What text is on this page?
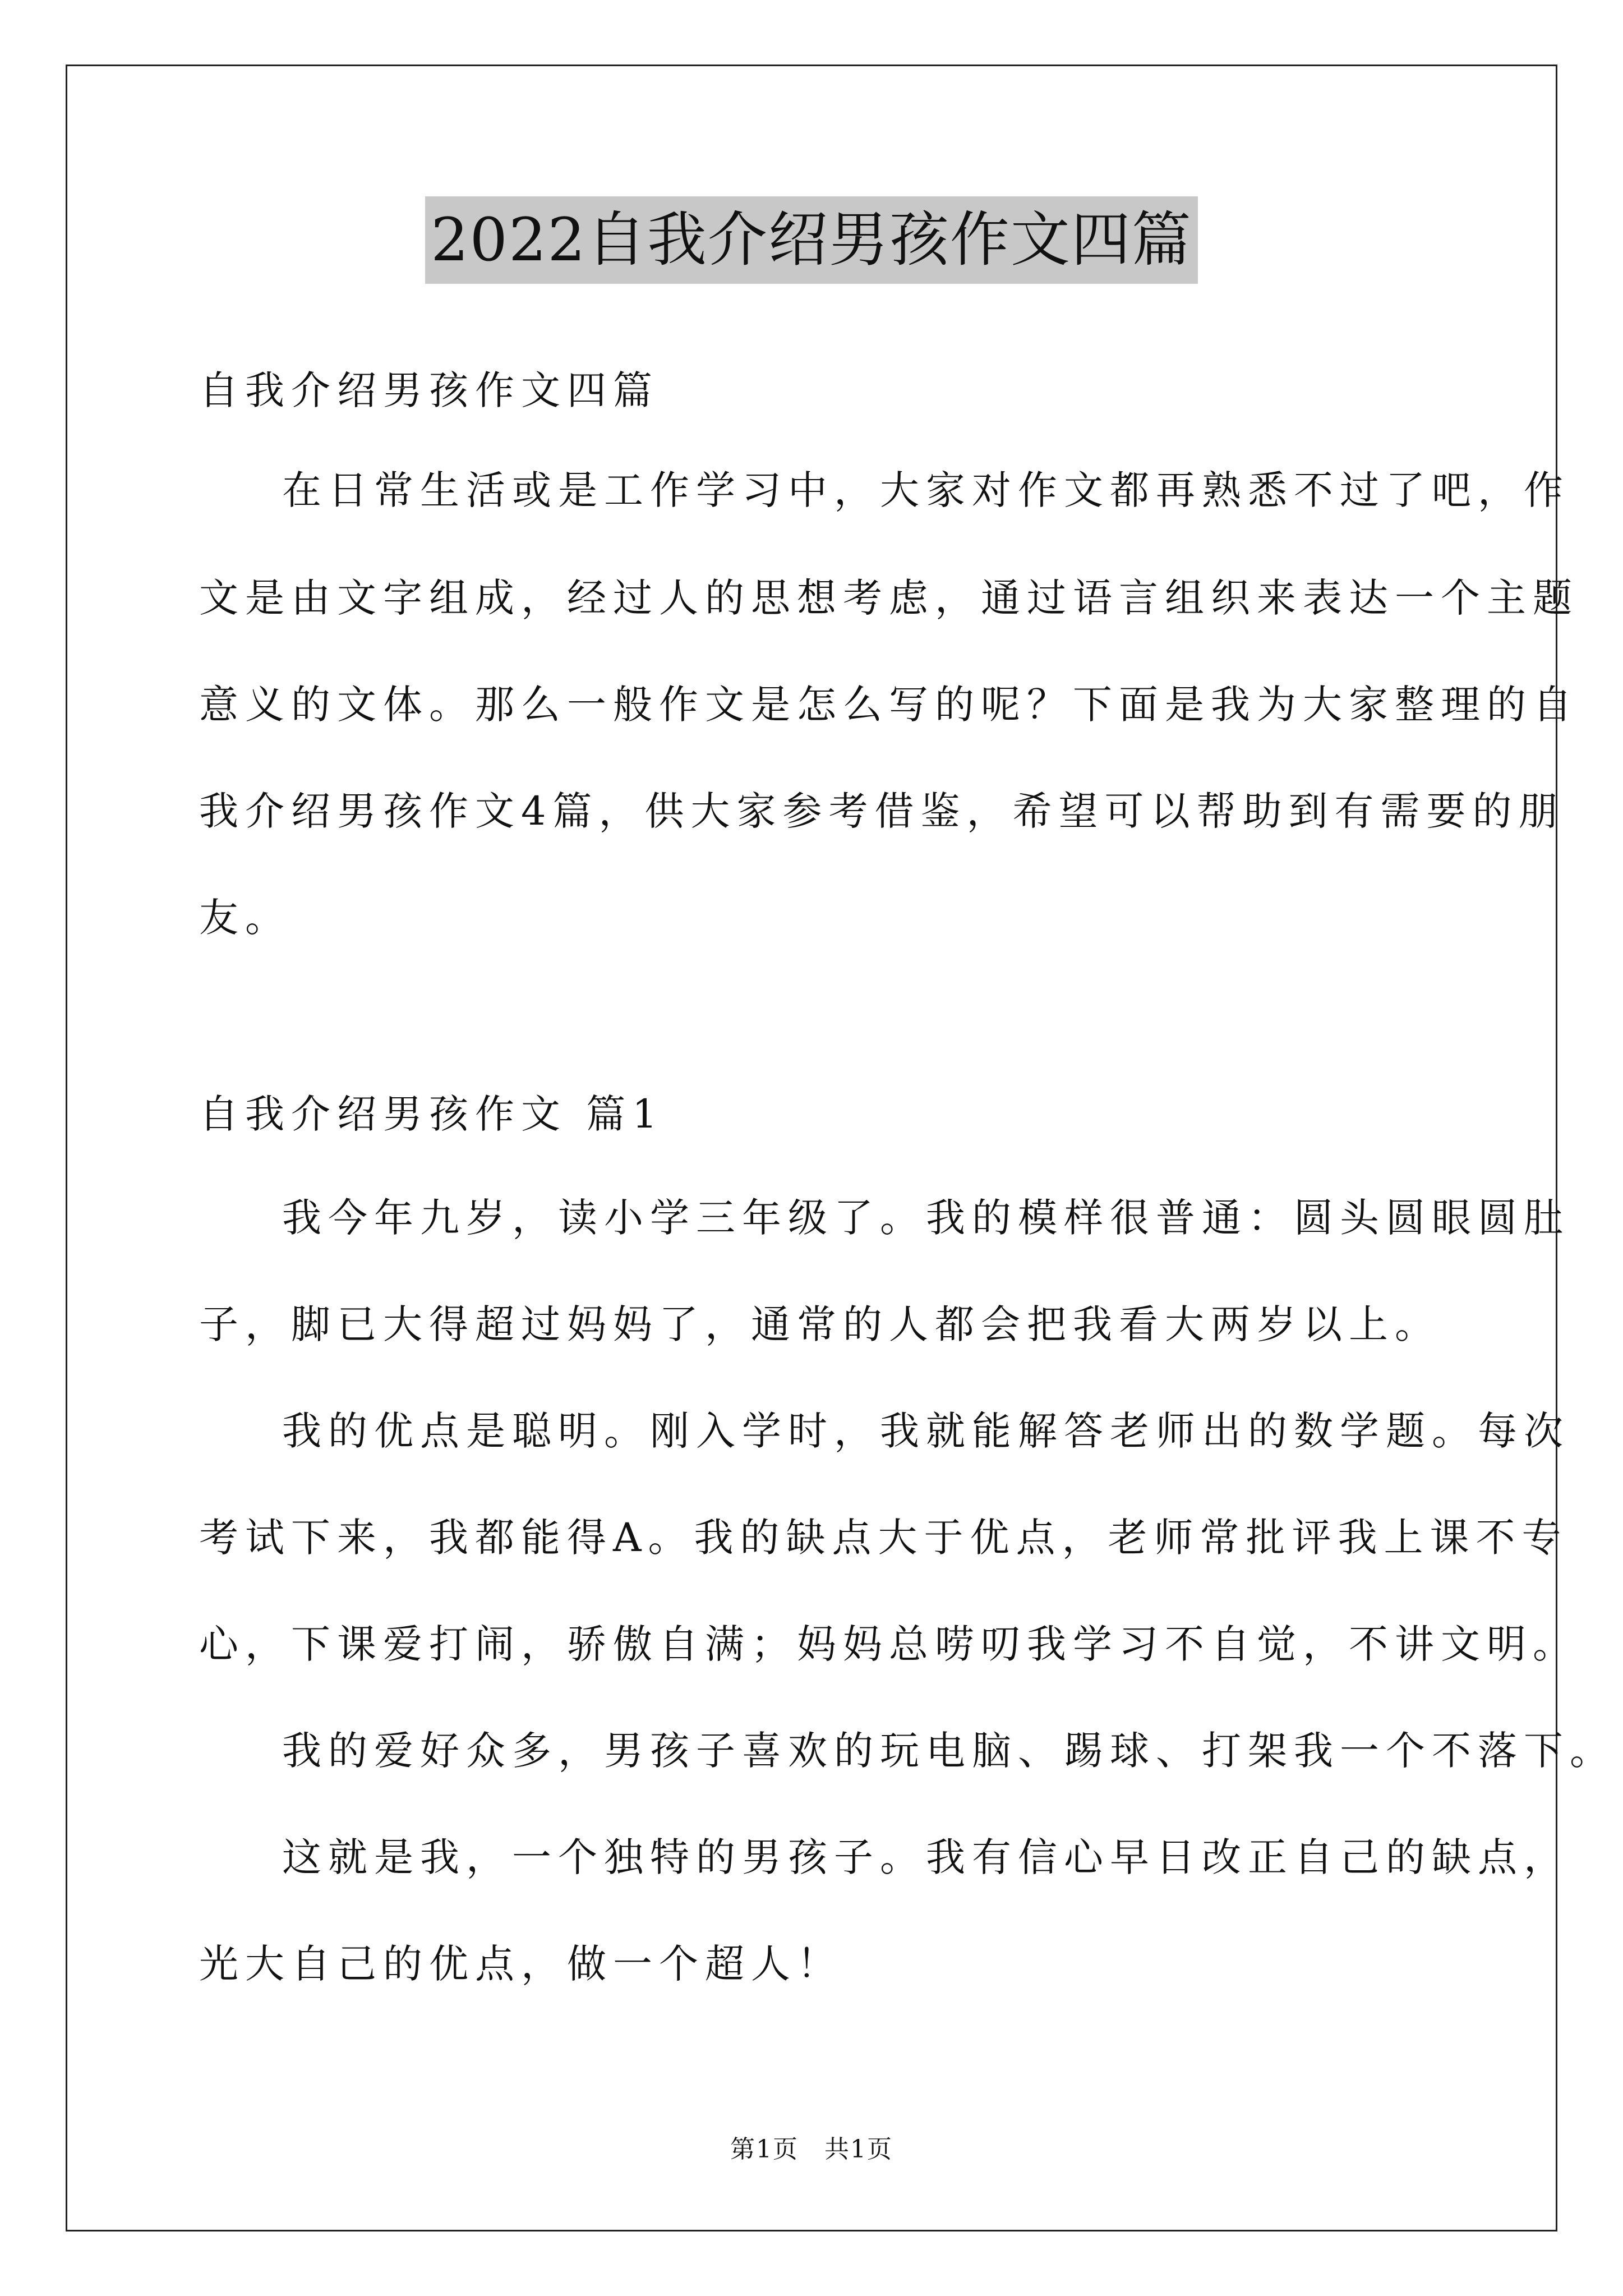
2022自我介绍男孩作文四篇
自我介绍男孩作文四篇
在日常生活或是工作学习中，大家对作文都再熟悉不过了吧，作
文是由文字组成，经过人的思想考虑，通过语言组织来表达一个主题
意义的文体。那么一般作文是怎么写的呢？下面是我为大家整理的自
我介绍男孩作文4篇，供大家参考借鉴，希望可以帮助到有需要的朋
友。
自我介绍男孩作文 篇1
我今年九岁，读小学三年级了。我的模样很普通：圆头圆眼圆肚
子，脚已大得超过妈妈了，通常的人都会把我看大两岁以上。
我的优点是聪明。刚入学时，我就能解答老师出的数学题。每次
考试下来，我都能得A。我的缺点大于优点，老师常批评我上课不专
心，下课爱打闹，骄傲自满；妈妈总唠叨我学习不自觉，不讲文明。
我的爱好众多，男孩子喜欢的玩电脑、踢球、打架我一个不落下。
这就是我，一个独特的男孩子。我有信心早日改正自己的缺点，
光大自己的优点，做一个超人！
第1页　共1页
